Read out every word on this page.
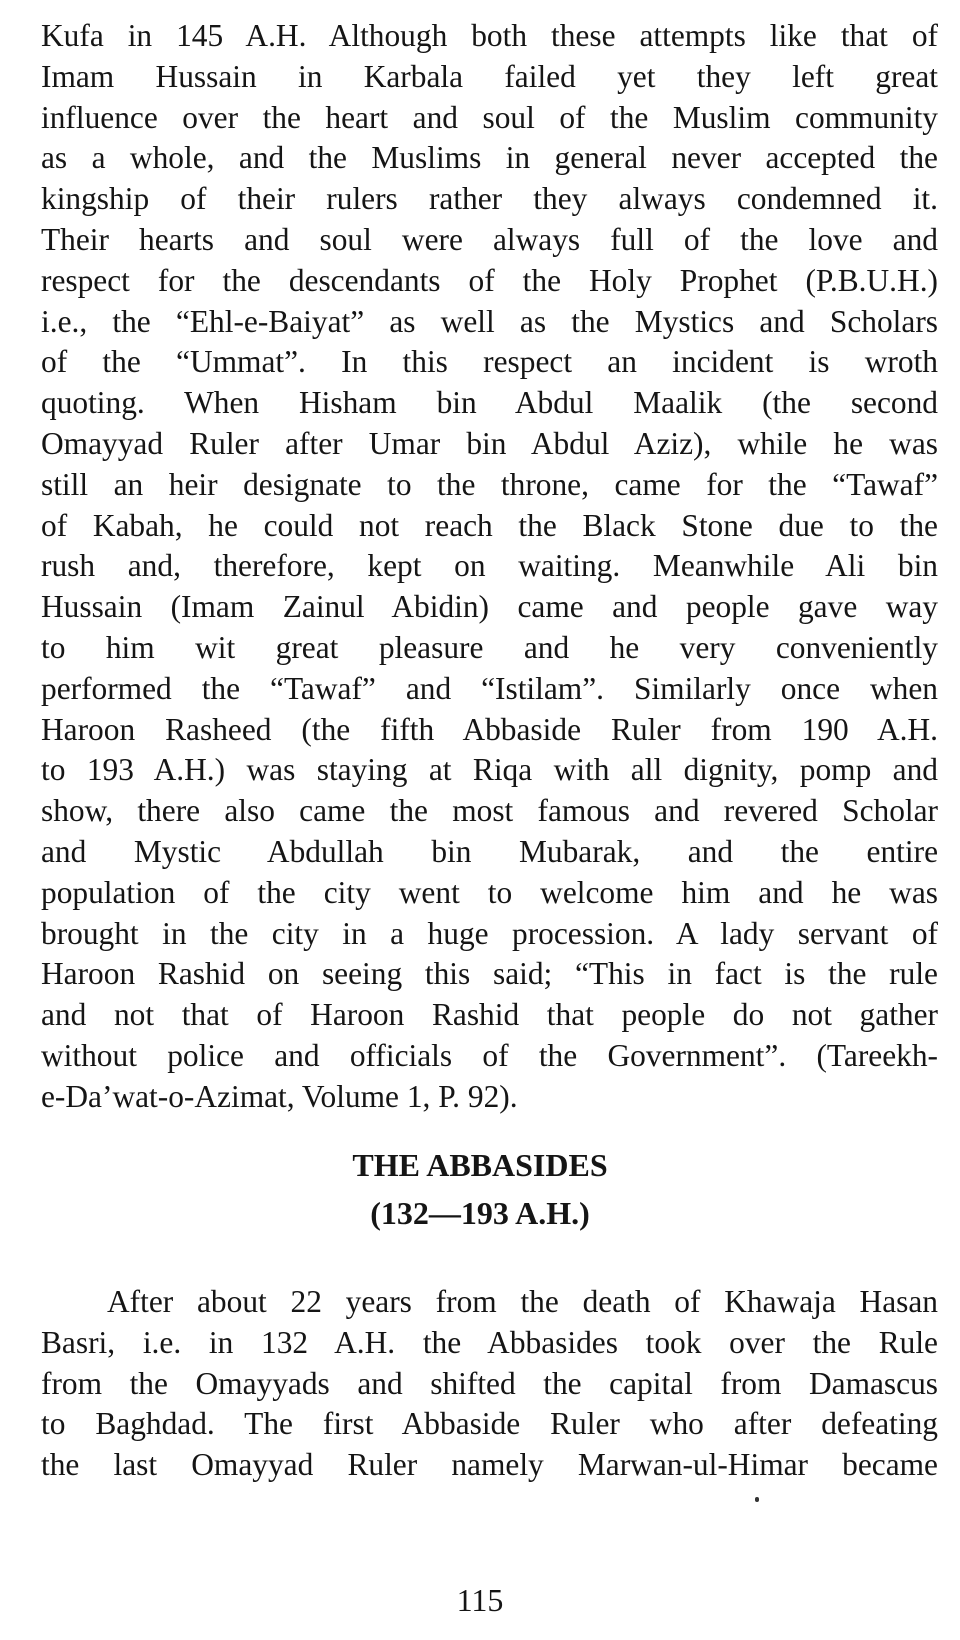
Kufa in 145 A.H. Although both these attempts like that of
Imam Hussain in Karbala failed yet they left great
influence over the heart and soul of the Muslim community
as a whole, and the Muslims in general never accepted the
kingship of their rulers rather they always condemned it.
Their hearts and soul were always full of the love and
respect for the descendants of the Holy Prophet (P.B.U.H.)
i.e., the “Ehl-e-Baiyat” as well as the Mystics and Scholars
of the “Ummat”. In this respect an incident is wroth
quoting. When Hisham bin Abdul Maalik (the second
Omayyad Ruler after Umar bin Abdul Aziz), while he was
still an heir designate to the throne, came for the “Tawaf”
of Kabah, he could not reach the Black Stone due to the
rush and, therefore, kept on waiting. Meanwhile Ali bin
Hussain (Imam Zainul Abidin) came and people gave way
to him wit great pleasure and he very conveniently
performed the “Tawaf” and “Istilam”. Similarly once when
Haroon Rasheed (the fifth Abbaside Ruler from 190 A.H.
to 193 A.H.) was staying at Riqa with all dignity, pomp and
show, there also came the most famous and revered Scholar
and Mystic Abdullah bin Mubarak, and the entire
population of the city went to welcome him and he was
brought in the city in a huge procession. A lady servant of
Haroon Rashid on seeing this said; “This in fact is the rule
and not that of Haroon Rashid that people do not gather
without police and officials of the Government”. (Tareekh-
e-Da’wat-o-Azimat, Volume 1, P. 92).
THE ABBASIDES
(132—193 A.H.)
After about 22 years from the death of Khawaja Hasan
Basri, i.e. in 132 A.H. the Abbasides took over the Rule
from the Omayyads and shifted the capital from Damascus
to Baghdad. The first Abbaside Ruler who after defeating
the last Omayyad Ruler namely Marwan-ul-Himar became
115
